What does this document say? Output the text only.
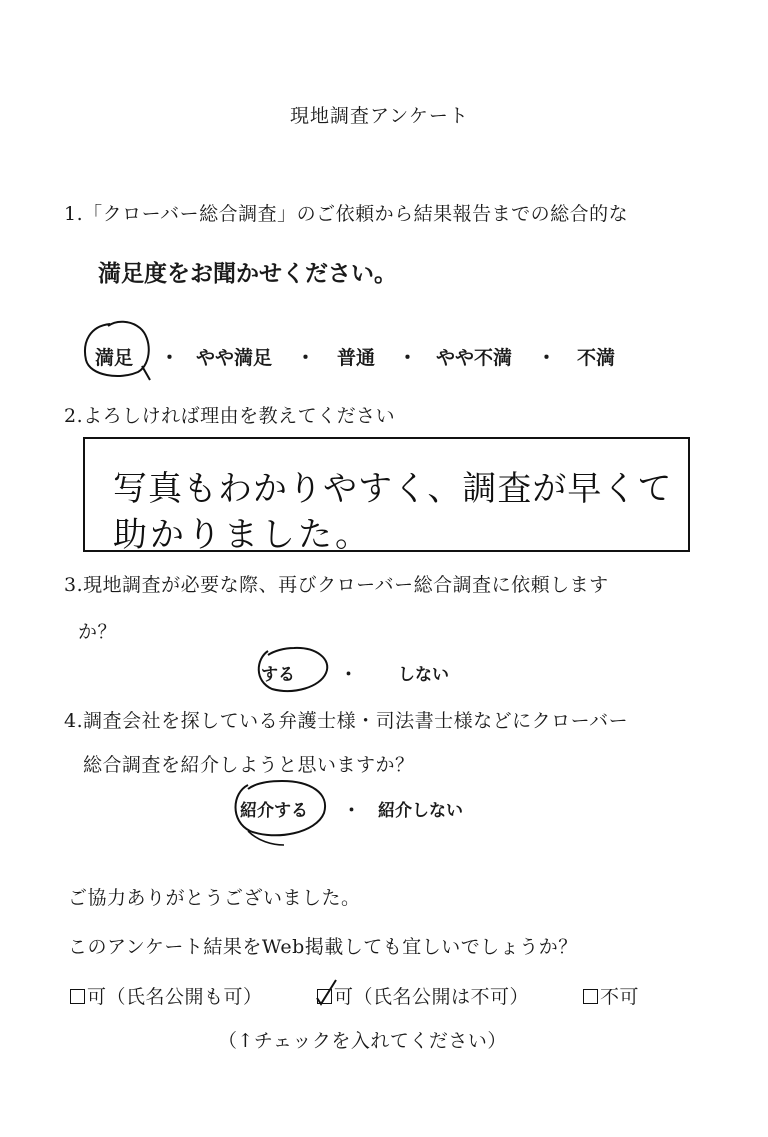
現地調査アンケート
1.「クローバー総合調査」のご依頼から結果報告までの総合的な
満足度をお聞かせください。
満足 ・ やや満足 ・ 普通 ・ やや不満 ・ 不満
2.よろしければ理由を教えてください
写真もわかりやすく、調査が早くて
助かりました。
3.現地調査が必要な際、再びクローバー総合調査に依頼します
か？
する	・ しない
4.調査会社を探している弁護士様・司法書士様などにクローバー
総合調査を紹介しようと思いますか？
紹介する ・ 紹介しない
ご協力ありがとうございました。
このアンケート結果をWeb掲載しても宜しいでしょうか？
可（氏名公開も可）	可（氏名公開は不可）	不可
（↑チェックを入れてください）
